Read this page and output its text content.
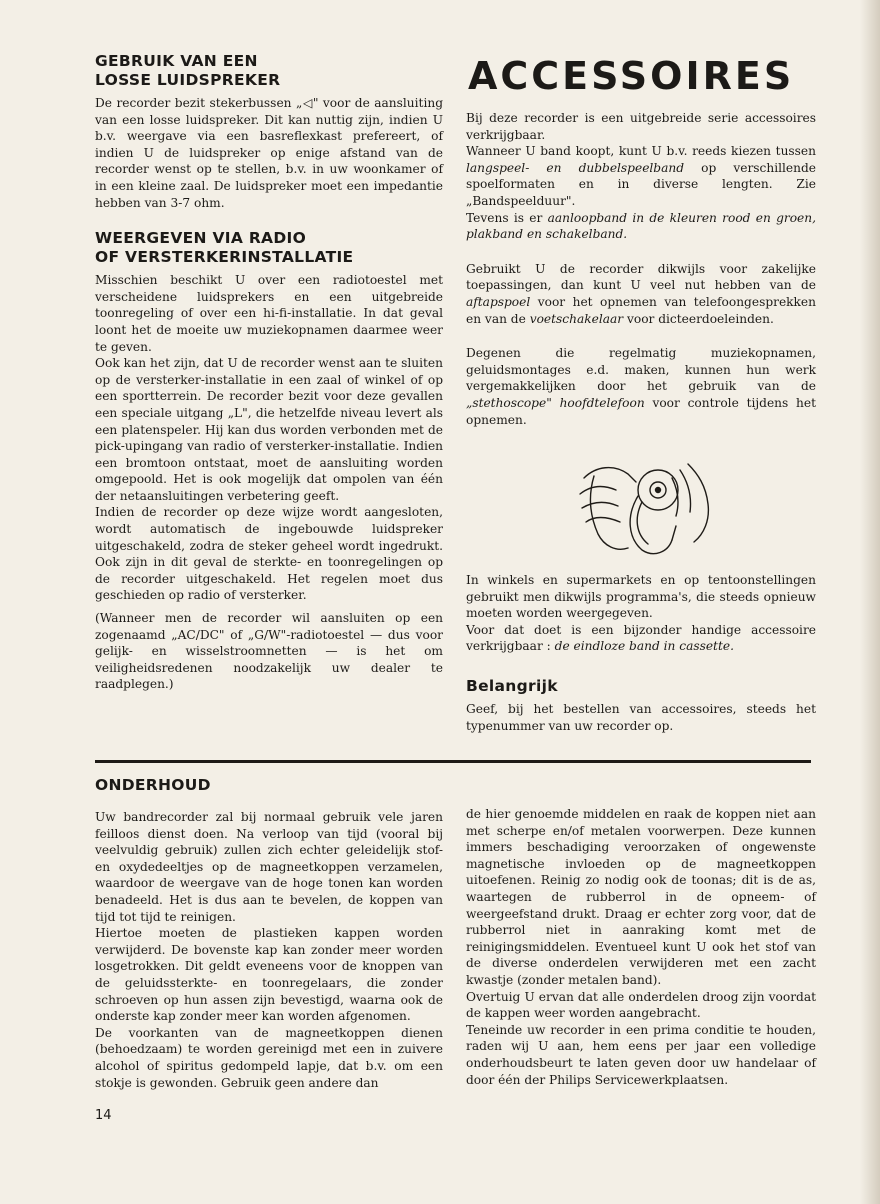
GEBRUIK VAN EEN
LOSSE LUIDSPREKER

De recorder bezit stekerbussen „◁" voor de aansluiting van een losse luidspreker. Dit kan nuttig zijn, indien U b.v. weergave via een basreflexkast prefereert, of indien U de luidspreker op enige afstand van de recorder wenst op te stellen, b.v. in uw woonkamer of in een kleine zaal. De luidspreker moet een impedantie hebben van 3-7 ohm.

WEERGEVEN VIA RADIO
OF VERSTERKERINSTALLATIE

Misschien beschikt U over een radiotoestel met verscheidene luidsprekers en een uitgebreide toonregeling of over een hi-fi-installatie. In dat geval loont het de moeite uw muziekopnamen daarmee weer te geven.

Ook kan het zijn, dat U de recorder wenst aan te sluiten op de versterker-installatie in een zaal of winkel of op een sportterrein. De recorder bezit voor deze gevallen een speciale uitgang „L", die hetzelfde niveau levert als een platenspeler. Hij kan dus worden verbonden met de pick-upingang van radio of versterker-installatie. Indien een bromtoon ontstaat, moet de aansluiting worden omgepoold. Het is ook mogelijk dat ompolen van één der netaansluitingen verbetering geeft.

Indien de recorder op deze wijze wordt aangesloten, wordt automatisch de ingebouwde luidspreker uitgeschakeld, zodra de steker geheel wordt ingedrukt. Ook zijn in dit geval de sterkte- en toonregelingen op de recorder uitgeschakeld. Het regelen moet dus geschieden op radio of versterker.

(Wanneer men de recorder wil aansluiten op een zogenaamd „AC/DC" of „G/W"-radiotoestel — dus voor gelijk- en wisselstroomnetten — is het om veiligheidsredenen noodzakelijk uw dealer te raadplegen.)

ACCESSOIRES

Bij deze recorder is een uitgebreide serie accessoires verkrijgbaar.

Wanneer U band koopt, kunt U b.v. reeds kiezen tussen langspeel- en dubbelspeelband op verschillende spoelformaten en in diverse lengten. Zie „Bandspeelduur".

Tevens is er aanloopband in de kleuren rood en groen, plakband en schakelband.

Gebruikt U de recorder dikwijls voor zakelijke toepassingen, dan kunt U veel nut hebben van de aftapspoel voor het opnemen van telefoongesprekken en van de voetschakelaar voor dicteerdoeleinden.

Degenen die regelmatig muziekopnamen, geluidsmontages e.d. maken, kunnen hun werk vergemakkelijken door het gebruik van de „stethoscope" hoofdtelefoon voor controle tijdens het opnemen.

In winkels en supermarkets en op tentoonstellingen gebruikt men dikwijls programma's, die steeds opnieuw moeten worden weergegeven.

Voor dat doet is een bijzonder handige accessoire verkrijgbaar : de eindloze band in cassette.

Belangrijk

Geef, bij het bestellen van accessoires, steeds het typenummer van uw recorder op.

ONDERHOUD

Uw bandrecorder zal bij normaal gebruik vele jaren feilloos dienst doen. Na verloop van tijd (vooral bij veelvuldig gebruik) zullen zich echter geleidelijk stof- en oxydedeeltjes op de magneetkoppen verzamelen, waardoor de weergave van de hoge tonen kan worden benadeeld. Het is dus aan te bevelen, de koppen van tijd tot tijd te reinigen.

Hiertoe moeten de plastieken kappen worden verwijderd. De bovenste kap kan zonder meer worden losgetrokken. Dit geldt eveneens voor de knoppen van de geluidssterkte- en toonregelaars, die zonder schroeven op hun assen zijn bevestigd, waarna ook de onderste kap zonder meer kan worden afgenomen.

De voorkanten van de magneetkoppen dienen (behoedzaam) te worden gereinigd met een in zuivere alcohol of spiritus gedompeld lapje, dat b.v. om een stokje is gewonden. Gebruik geen andere dan

de hier genoemde middelen en raak de koppen niet aan met scherpe en/of metalen voorwerpen. Deze kunnen immers beschadiging veroorzaken of ongewenste magnetische invloeden op de magneetkoppen uitoefenen. Reinig zo nodig ook de toonas; dit is de as, waartegen de rubberrol in de opneem- of weergeefstand drukt. Draag er echter zorg voor, dat de rubberrol niet in aanraking komt met de reinigingsmiddelen. Eventueel kunt U ook het stof van de diverse onderdelen verwijderen met een zacht kwastje (zonder metalen band).

Overtuig U ervan dat alle onderdelen droog zijn voordat de kappen weer worden aangebracht.

Teneinde uw recorder in een prima conditie te houden, raden wij U aan, hem eens per jaar een volledige onderhoudsbeurt te laten geven door uw handelaar of door één der Philips Servicewerkplaatsen.

14
